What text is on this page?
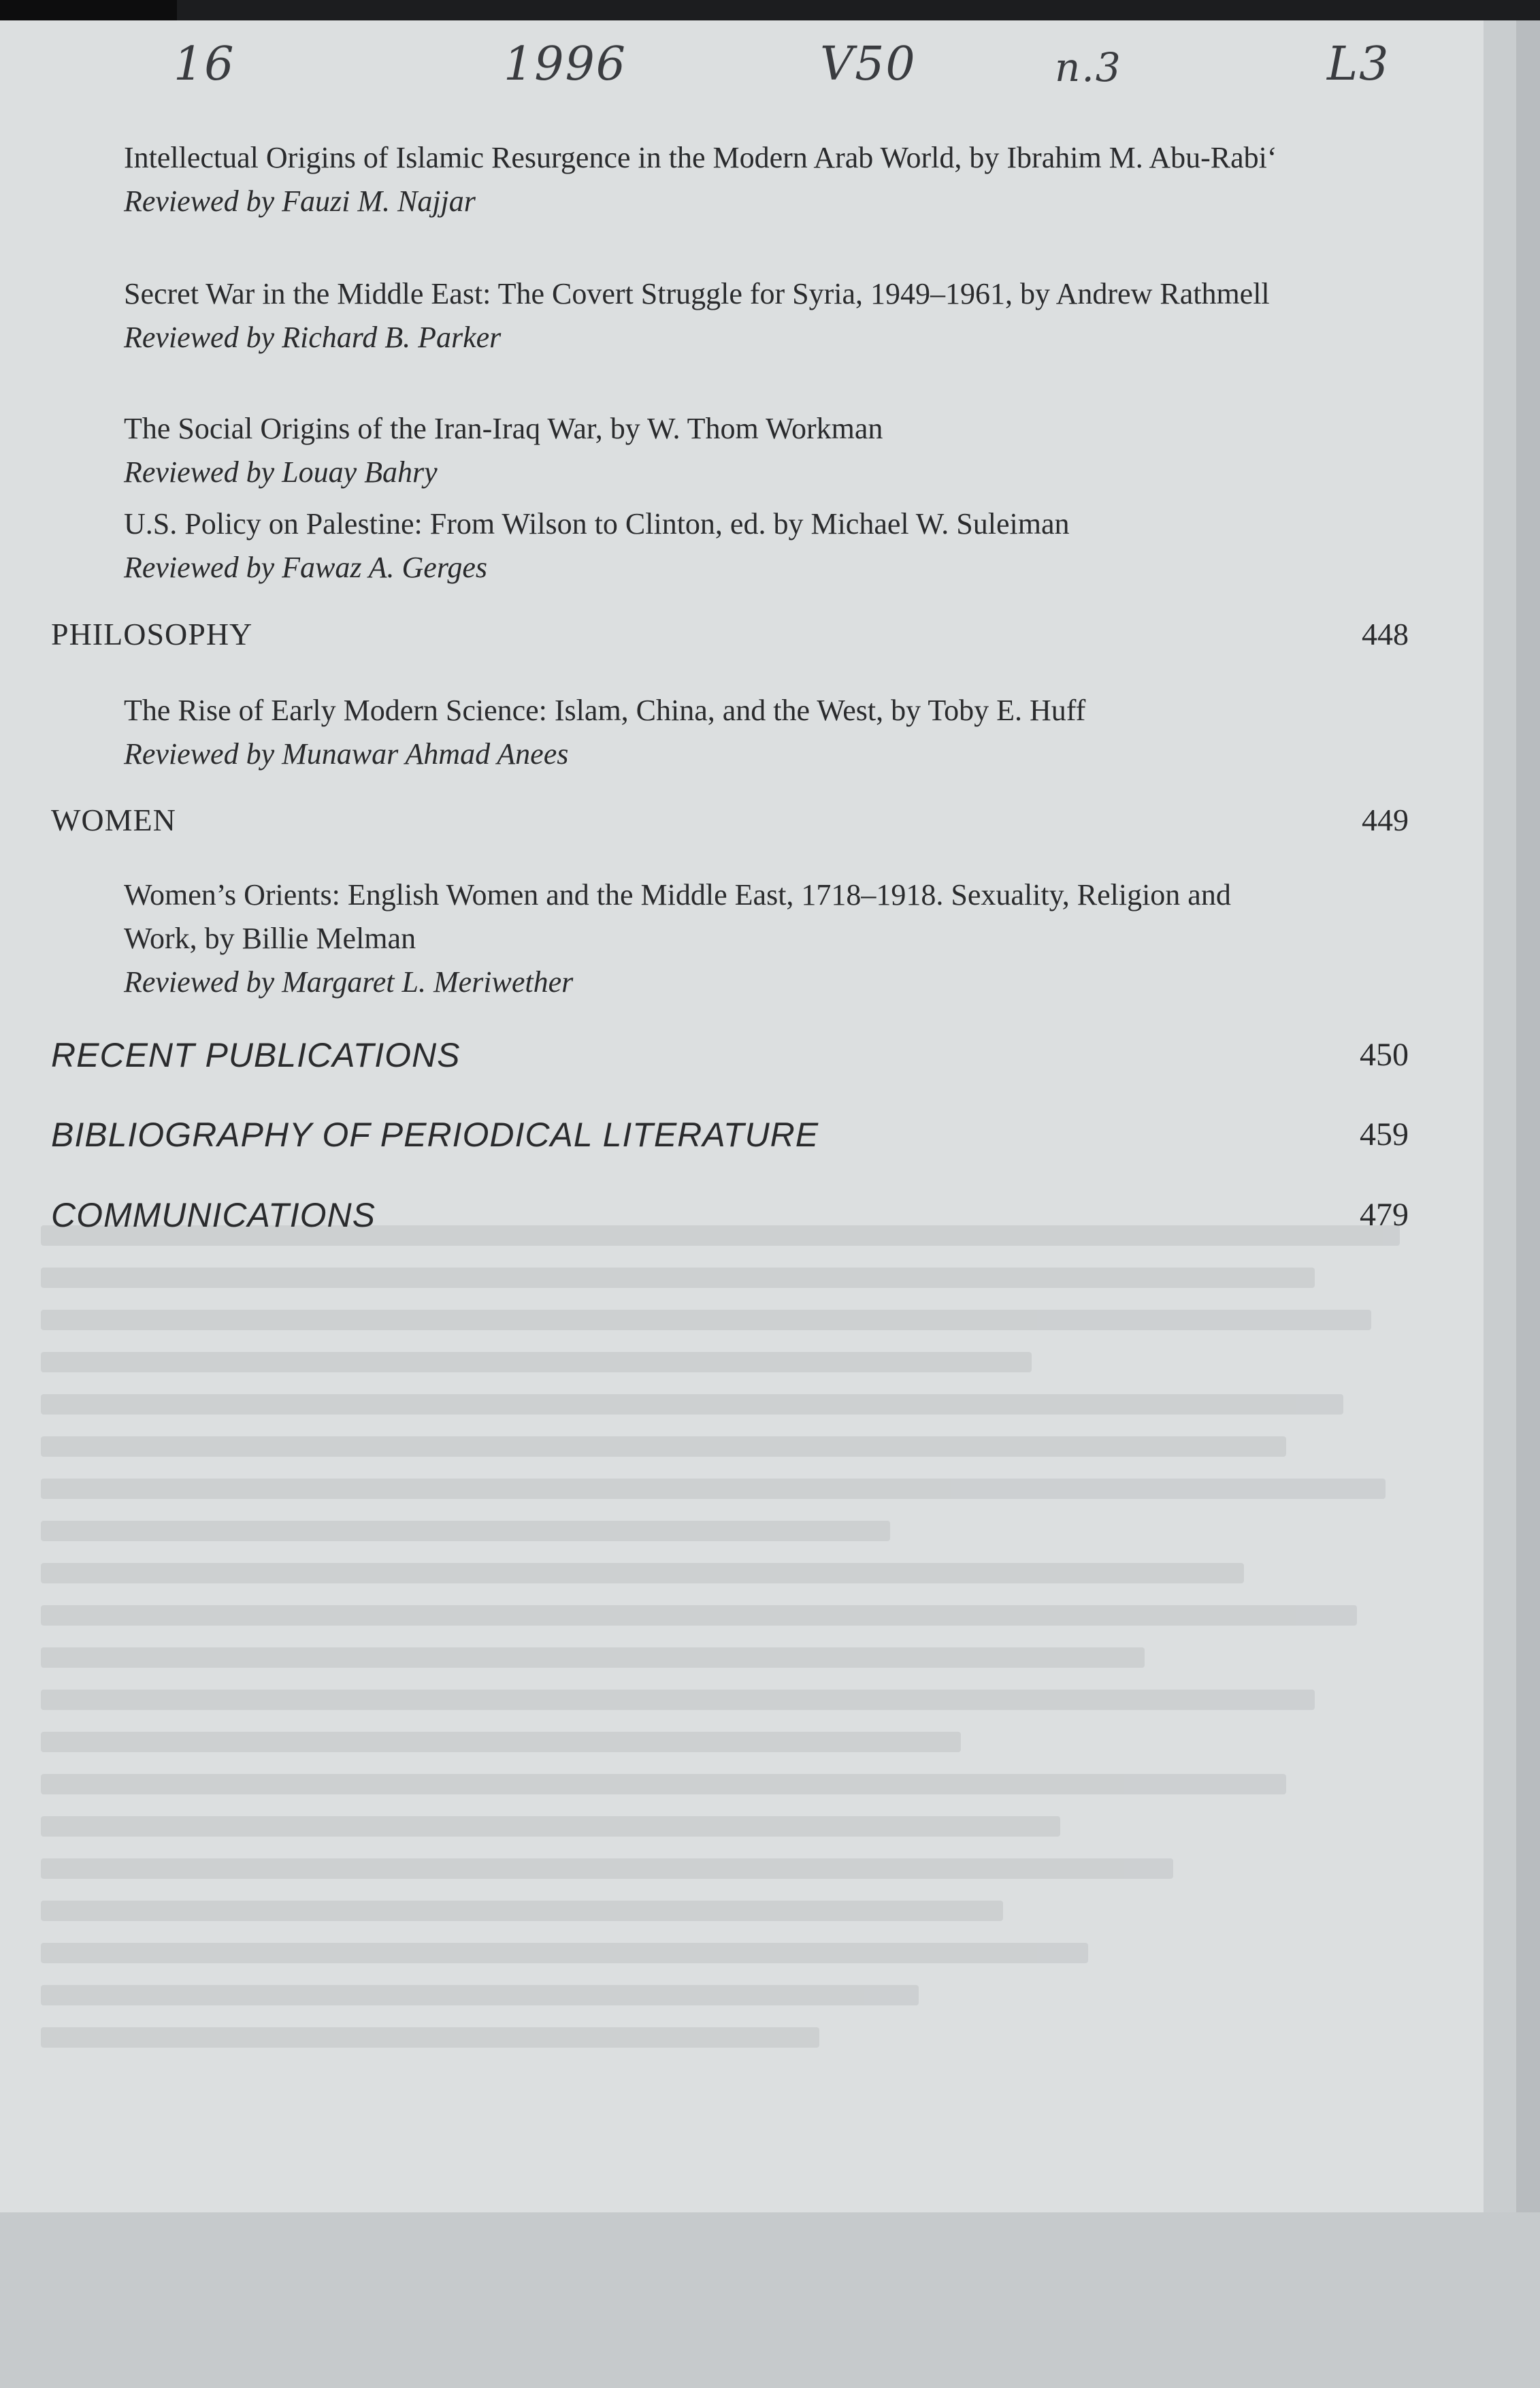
16	1996	V50	n.3	L3
Intellectual Origins of Islamic Resurgence in the Modern Arab World, by Ibrahim M. Abu-Rabi‘
Reviewed by Fauzi M. Najjar
Secret War in the Middle East: The Covert Struggle for Syria, 1949–1961, by Andrew Rathmell
Reviewed by Richard B. Parker
The Social Origins of the Iran-Iraq War, by W. Thom Workman
Reviewed by Louay Bahry
U.S. Policy on Palestine: From Wilson to Clinton, ed. by Michael W. Suleiman
Reviewed by Fawaz A. Gerges
PHILOSOPHY	448
The Rise of Early Modern Science: Islam, China, and the West, by Toby E. Huff
Reviewed by Munawar Ahmad Anees
WOMEN	449
Women’s Orients: English Women and the Middle East, 1718–1918. Sexuality, Religion and Work, by Billie Melman
Reviewed by Margaret L. Meriwether
RECENT PUBLICATIONS	450
BIBLIOGRAPHY OF PERIODICAL LITERATURE	459
COMMUNICATIONS	479
